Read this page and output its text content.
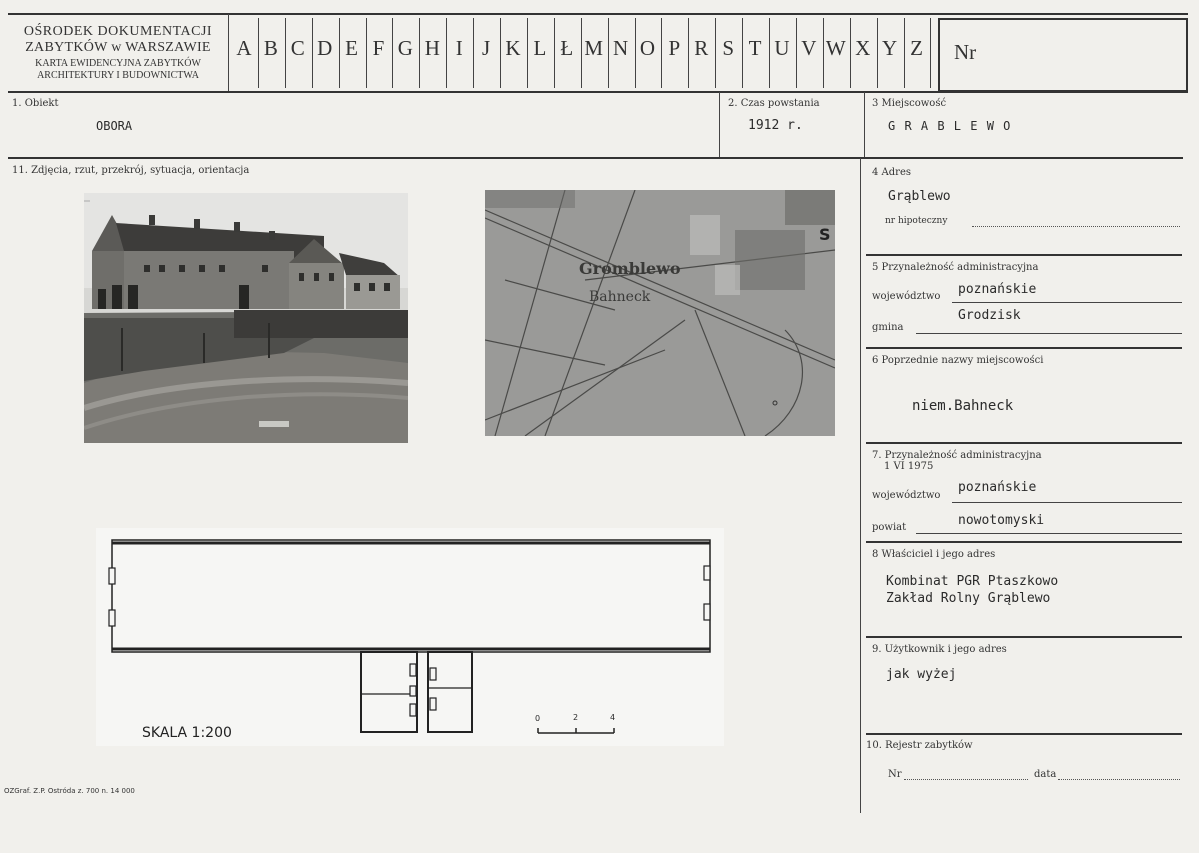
OŚRODEK DOKUMENTACJI
ZABYTKÓW w WARSZAWIE
KARTA EWIDENCYJNA ZABYTKÓW
ARCHITEKTURY I BUDOWNICTWA
A B C D E F G H I J K L Ł M N O P R S T U V W X Y Z Nr
1. Obiekt
OBORA
2. Czas powstania
1912 r.
3 Miejscowość
G R A B L E W O
4 Adres
Grąblewo
nr hipoteczny
5 Przynależność administracyjna
województwo poznańskie
gmina
Grodzisk
6 Poprzednie nazwy miejscowości
niem.Bahneck
7. Przynależność administracyjna
1 VI 1975
województwo
poznańskie
powiat	nowotomyski
8 Właściciel i jego adres
Kombinat PGR Ptaszkowo
Zakład Rolny Grąblewo
9. Użytkownik i jego adres
jak wyżej
10. Rejestr zabytków
Nr	data
11. Zdjęcia, rzut, przekrój, sytuacja, orientacja
Gromblewo
Bahneck
S
0	2	4
SKALA 1:200
OZGraf. Z.P. Ostróda z. 700 n. 14 000
